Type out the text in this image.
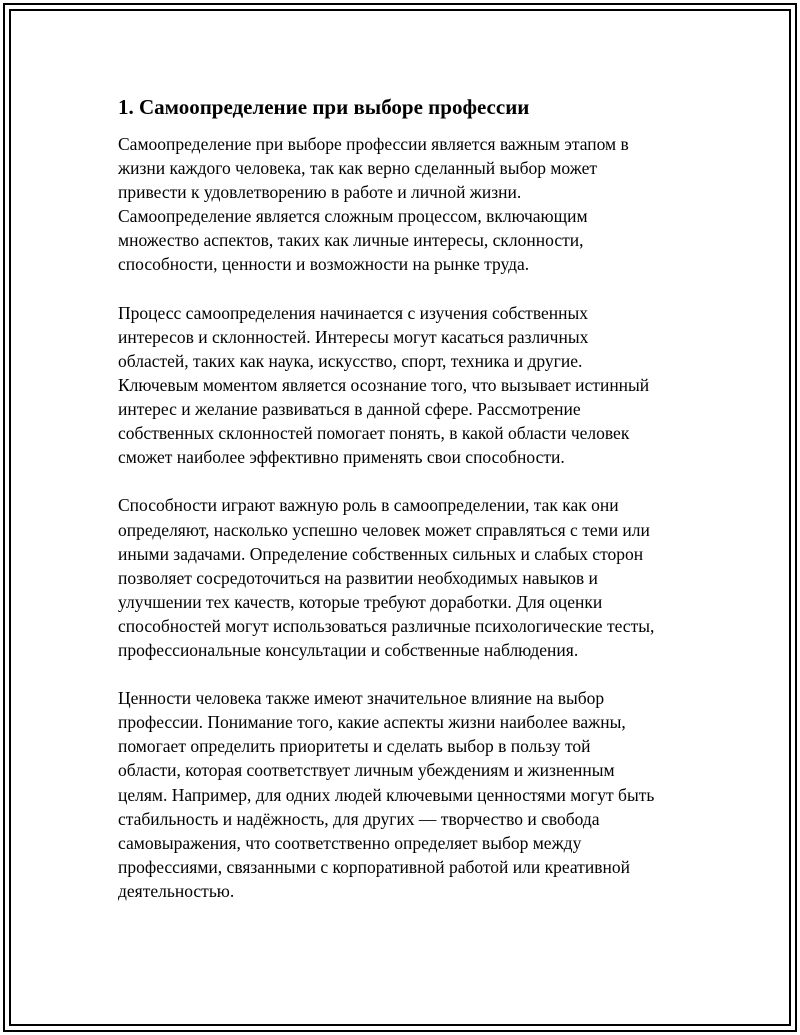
1. Самоопределение при выборе профессии

Самоопределение при выборе профессии является важным этапом в
жизни каждого человека, так как верно сделанный выбор может
привести к удовлетворению в работе и личной жизни.
Самоопределение является сложным процессом, включающим
множество аспектов, таких как личные интересы, склонности,
способности, ценности и возможности на рынке труда.

Процесс самоопределения начинается с изучения собственных
интересов и склонностей. Интересы могут касаться различных
областей, таких как наука, искусство, спорт, техника и другие.
Ключевым моментом является осознание того, что вызывает истинный
интерес и желание развиваться в данной сфере. Рассмотрение
собственных склонностей помогает понять, в какой области человек
сможет наиболее эффективно применять свои способности.

Способности играют важную роль в самоопределении, так как они
определяют, насколько успешно человек может справляться с теми или
иными задачами. Определение собственных сильных и слабых сторон
позволяет сосредоточиться на развитии необходимых навыков и
улучшении тех качеств, которые требуют доработки. Для оценки
способностей могут использоваться различные психологические тесты,
профессиональные консультации и собственные наблюдения.

Ценности человека также имеют значительное влияние на выбор
профессии. Понимание того, какие аспекты жизни наиболее важны,
помогает определить приоритеты и сделать выбор в пользу той
области, которая соответствует личным убеждениям и жизненным
целям. Например, для одних людей ключевыми ценностями могут быть
стабильность и надёжность, для других — творчество и свобода
самовыражения, что соответственно определяет выбор между
профессиями, связанными с корпоративной работой или креативной
деятельностью.
